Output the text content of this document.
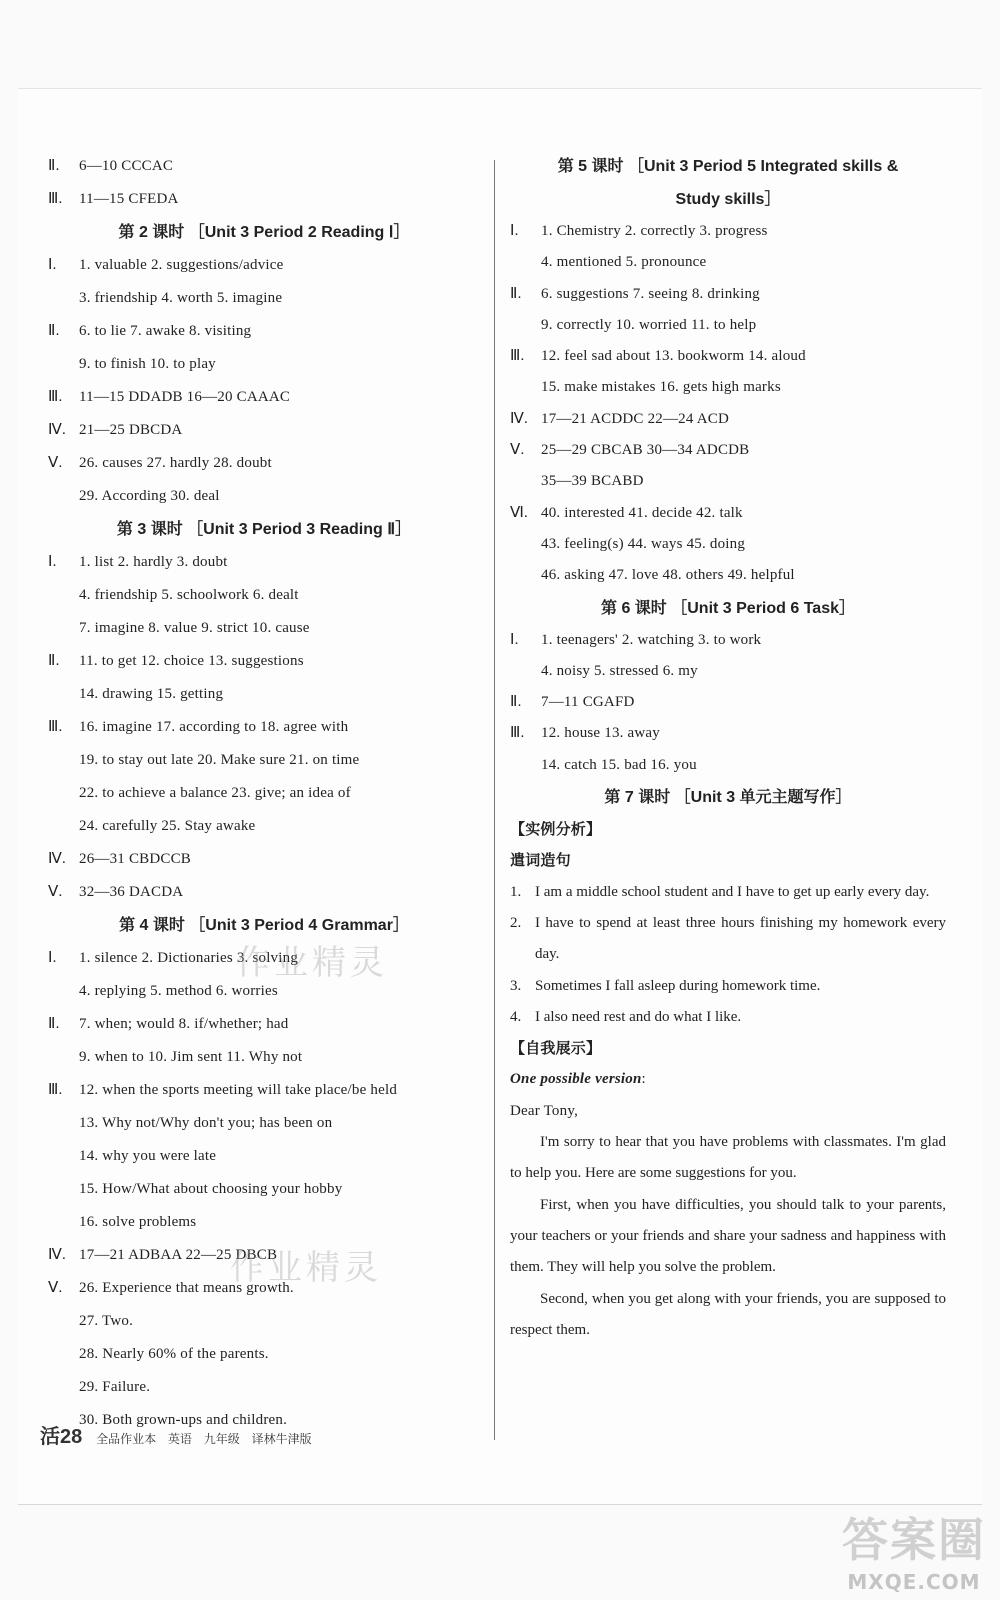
Ⅱ. 6—10 CCCAC
Ⅲ. 11—15 CFEDA
第 2 课时 ［Unit 3 Period 2 Reading Ⅰ］
Ⅰ. 1. valuable 2. suggestions/advice
3. friendship 4. worth 5. imagine
Ⅱ. 6. to lie 7. awake 8. visiting
9. to finish 10. to play
Ⅲ. 11—15 DDADB 16—20 CAAAC
Ⅳ. 21—25 DBCDA
Ⅴ. 26. causes 27. hardly 28. doubt
29. According 30. deal
第 3 课时 ［Unit 3 Period 3 Reading Ⅱ］
Ⅰ. 1. list 2. hardly 3. doubt
4. friendship 5. schoolwork 6. dealt
7. imagine 8. value 9. strict 10. cause
Ⅱ. 11. to get 12. choice 13. suggestions
14. drawing 15. getting
Ⅲ. 16. imagine 17. according to 18. agree with
19. to stay out late 20. Make sure 21. on time
22. to achieve a balance 23. give; an idea of
24. carefully 25. Stay awake
Ⅳ. 26—31 CBDCCB
Ⅴ. 32—36 DACDA
第 4 课时 ［Unit 3 Period 4 Grammar］
Ⅰ. 1. silence 2. Dictionaries 3. solving
4. replying 5. method 6. worries
Ⅱ. 7. when; would 8. if/whether; had
9. when to 10. Jim sent 11. Why not
Ⅲ. 12. when the sports meeting will take place/be held
13. Why not/Why don't you; has been on
14. why you were late
15. How/What about choosing your hobby
16. solve problems
Ⅳ. 17—21 ADBAA 22—25 DBCB
Ⅴ. 26. Experience that means growth.
27. Two.
28. Nearly 60% of the parents.
29. Failure.
30. Both grown-ups and children.
第 5 课时 ［Unit 3 Period 5 Integrated skills &
Study skills］
Ⅰ. 1. Chemistry 2. correctly 3. progress
4. mentioned 5. pronounce
Ⅱ. 6. suggestions 7. seeing 8. drinking
9. correctly 10. worried 11. to help
Ⅲ. 12. feel sad about 13. bookworm 14. aloud
15. make mistakes 16. gets high marks
Ⅳ. 17—21 ACDDC 22—24 ACD
Ⅴ. 25—29 CBCAB 30—34 ADCDB
35—39 BCABD
Ⅵ. 40. interested 41. decide 42. talk
43. feeling(s) 44. ways 45. doing
46. asking 47. love 48. others 49. helpful
第 6 课时 ［Unit 3 Period 6 Task］
Ⅰ. 1. teenagers' 2. watching 3. to work
4. noisy 5. stressed 6. my
Ⅱ. 7—11 CGAFD
Ⅲ. 12. house 13. away
14. catch 15. bad 16. you
第 7 课时 ［Unit 3 单元主题写作］
【实例分析】
遣词造句
1. I am a middle school student and I have to get up early every day.
2. I have to spend at least three hours finishing my homework every day.
3. Sometimes I fall asleep during homework time.
4. I also need rest and do what I like.
【自我展示】
One possible version:
Dear Tony,

I'm sorry to hear that you have problems with classmates. I'm glad to help you. Here are some suggestions for you.

First, when you have difficulties, you should talk to your parents, your teachers or your friends and share your sadness and happiness with them. They will help you solve the problem.

Second, when you get along with your friends, you are supposed to respect them.

作业精灵
作业精灵
活28 全品作业本 英语 九年级 译林牛津版
答案圈
MXQE.COM
